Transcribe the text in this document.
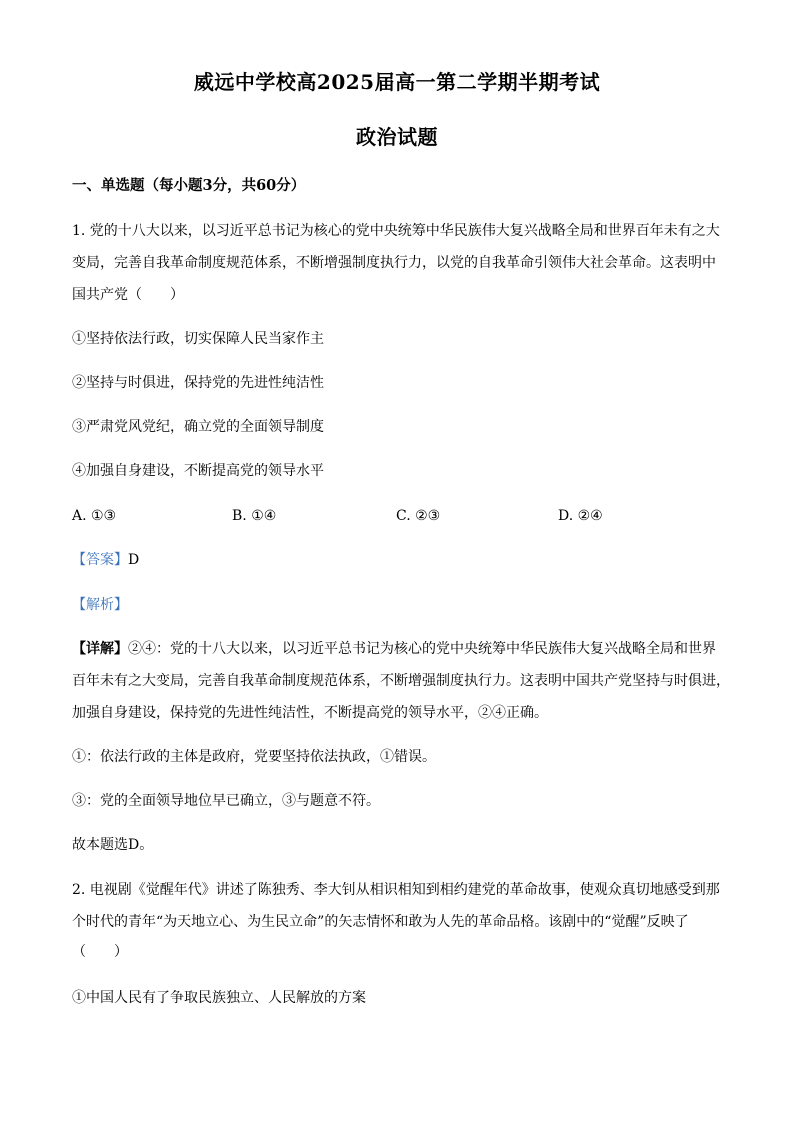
威远中学校高2025届高一第二学期半期考试
政治试题
一、单选题（每小题3分，共60分）
1. 党的十八大以来，以习近平总书记为核心的党中央统筹中华民族伟大复兴战略全局和世界百年未有之大
变局，完善自我革命制度规范体系，不断增强制度执行力，以党的自我革命引领伟大社会革命。这表明中
国共产党（　　）
①坚持依法行政，切实保障人民当家作主
②坚持与时俱进，保持党的先进性纯洁性
③严肃党风党纪，确立党的全面领导制度
④加强自身建设，不断提高党的领导水平
A. ①③	B. ①④	C. ②③	D. ②④
【答案】D
【解析】
【详解】②④：党的十八大以来，以习近平总书记为核心的党中央统筹中华民族伟大复兴战略全局和世界
百年未有之大变局，完善自我革命制度规范体系，不断增强制度执行力。这表明中国共产党坚持与时俱进，
加强自身建设，保持党的先进性纯洁性，不断提高党的领导水平，②④正确。
①：依法行政的主体是政府，党要坚持依法执政，①错误。
③：党的全面领导地位早已确立，③与题意不符。
故本题选D。
2. 电视剧《觉醒年代》讲述了陈独秀、李大钊从相识相知到相约建党的革命故事，使观众真切地感受到那
个时代的青年“为天地立心、为生民立命”的矢志情怀和敢为人先的革命品格。该剧中的“觉醒”反映了
（　　）
①中国人民有了争取民族独立、人民解放的方案
